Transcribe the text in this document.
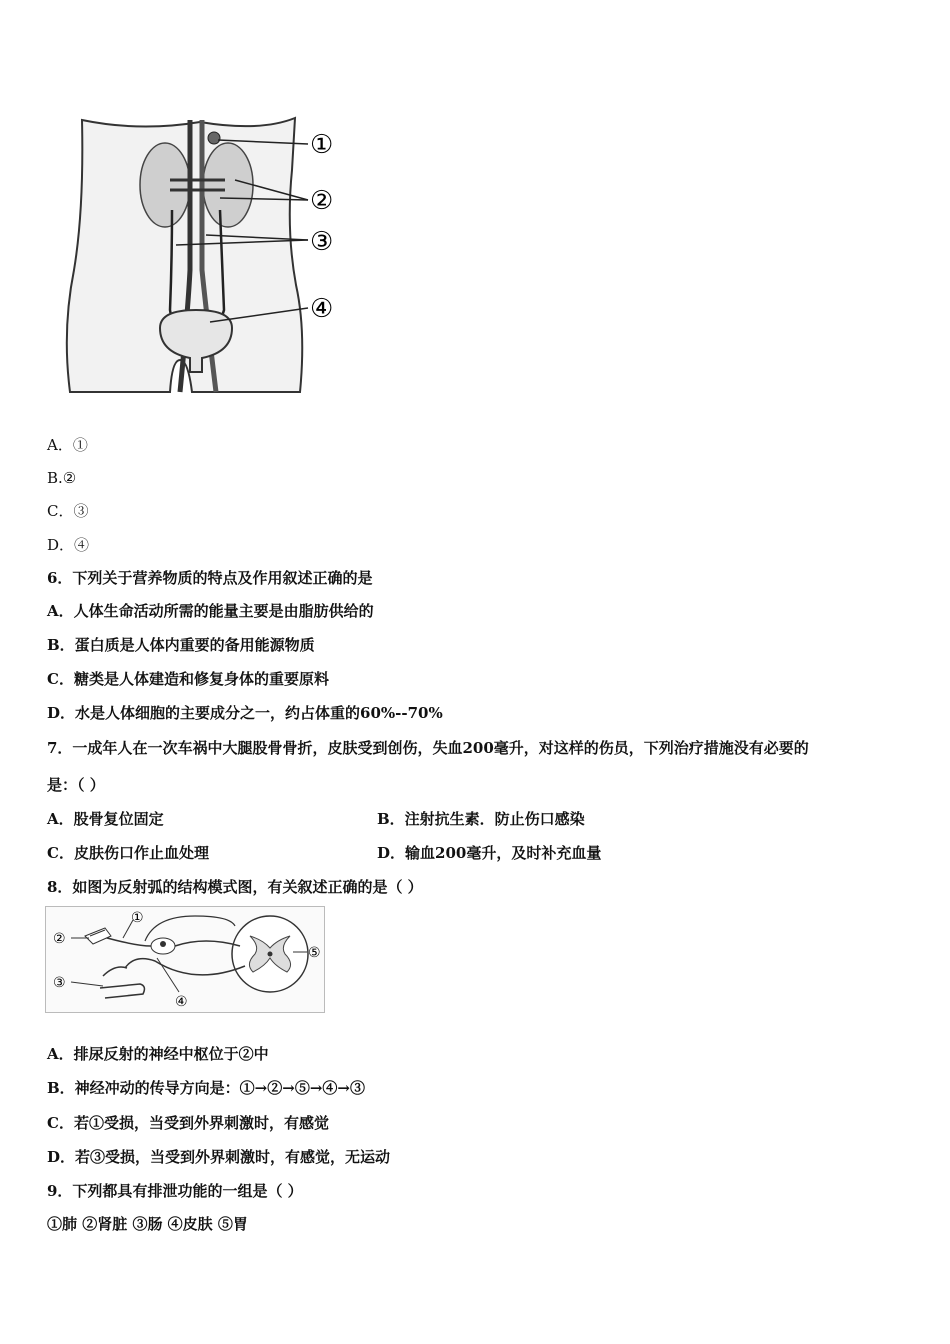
①
②
③
④
A．①
B.②
C．③
D．④
6．下列关于营养物质的特点及作用叙述正确的是
A．人体生命活动所需的能量主要是由脂肪供给的
B．蛋白质是人体内重要的备用能源物质
C．糖类是人体建造和修复身体的重要原料
D．水是人体细胞的主要成分之一，约占体重的60%--70%
7．一成年人在一次车祸中大腿股骨骨折，皮肤受到创伤，失血200毫升，对这样的伤员，下列治疗措施没有必要的
是：（ ）
A．股骨复位固定	B．注射抗生素．防止伤口感染
C．皮肤伤口作止血处理	D．输血200毫升，及时补充血量
8．如图为反射弧的结构模式图，有关叙述正确的是（ ）
①
②
③
④
⑤
A．排尿反射的神经中枢位于②中
B．神经冲动的传导方向是：①→②→⑤→④→③
C．若①受损，当受到外界刺激时，有感觉
D．若③受损，当受到外界刺激时，有感觉，无运动
9．下列都具有排泄功能的一组是（ ）
①肺 ②肾脏 ③肠 ④皮肤 ⑤胃
